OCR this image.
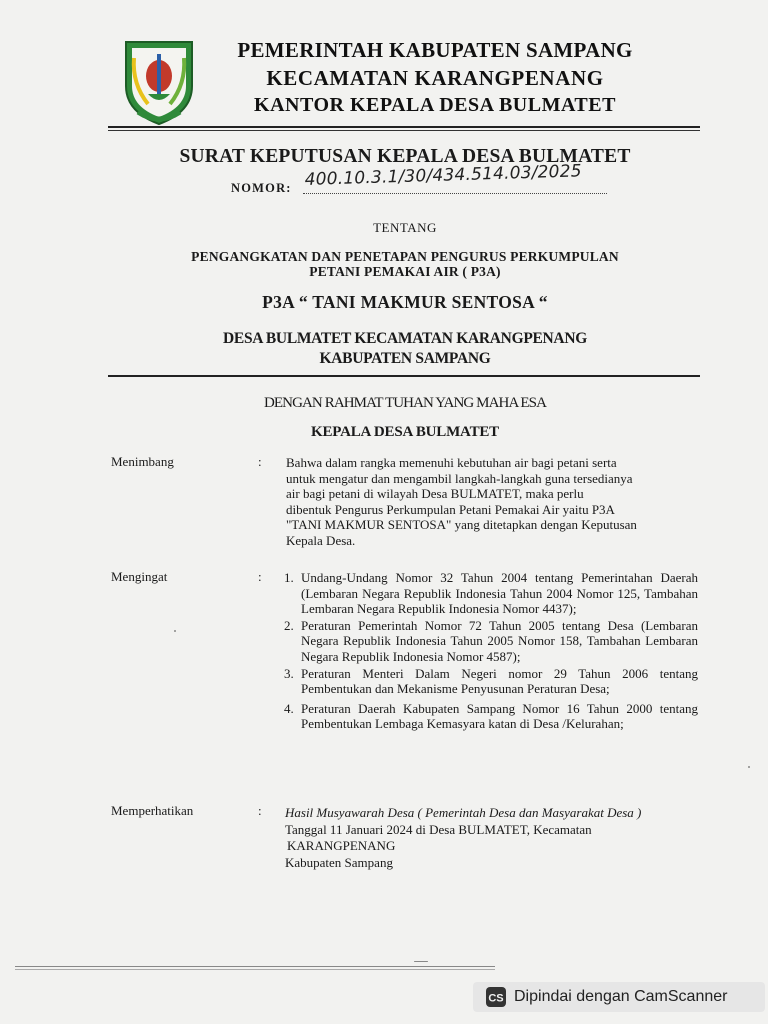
PEMERINTAH KABUPATEN SAMPANG
KECAMATAN KARANGPENANG
KANTOR KEPALA DESA BULMATET
SURAT KEPUTUSAN KEPALA DESA BULMATET
NOMOR: 400.10.3.1/30/434.514.03/2025
TENTANG
PENGANGKATAN DAN PENETAPAN PENGURUS PERKUMPULAN
PETANI PEMAKAI AIR ( P3A)
P3A “ TANI MAKMUR SENTOSA “
DESA BULMATET KECAMATAN KARANGPENANG
KABUPATEN SAMPANG
DENGAN RAHMAT TUHAN YANG MAHA ESA
KEPALA DESA BULMATET
Menimbang	: Bahwa dalam rangka memenuhi kebutuhan air bagi petani serta
untuk mengatur dan mengambil langkah-langkah guna tersedianya
air bagi petani di wilayah Desa BULMATET, maka perlu
dibentuk Pengurus Perkumpulan Petani Pemakai Air yaitu P3A
"TANI MAKMUR SENTOSA" yang ditetapkan dengan Keputusan
Kepala Desa.
Mengingat	: 1. Undang-Undang Nomor 32 Tahun 2004 tentang Pemerintahan Daerah (Lembaran Negara Republik Indonesia Tahun 2004 Nomor 125, Tambahan Lembaran Negara Republik Indonesia Nomor 4437);
2. Peraturan Pemerintah Nomor 72 Tahun 2005 tentang Desa (Lembaran Negara Republik Indonesia Tahun 2005 Nomor 158, Tambahan Lembaran Negara Republik Indonesia Nomor 4587);
3. Peraturan Menteri Dalam Negeri nomor 29 Tahun 2006 tentang Pembentukan dan Mekanisme Penyusunan Peraturan Desa;
4. Peraturan Daerah Kabupaten Sampang Nomor 16 Tahun 2000 tentang Pembentukan Lembaga Kemasyara katan di Desa /Kelurahan;
Memperhatikan	: Hasil Musyawarah Desa ( Pemerintah Desa dan Masyarakat Desa )
Tanggal 11 Januari 2024 di Desa BULMATET, Kecamatan
KARANGPENANG
Kabupaten Sampang
CS Dipindai dengan CamScanner
